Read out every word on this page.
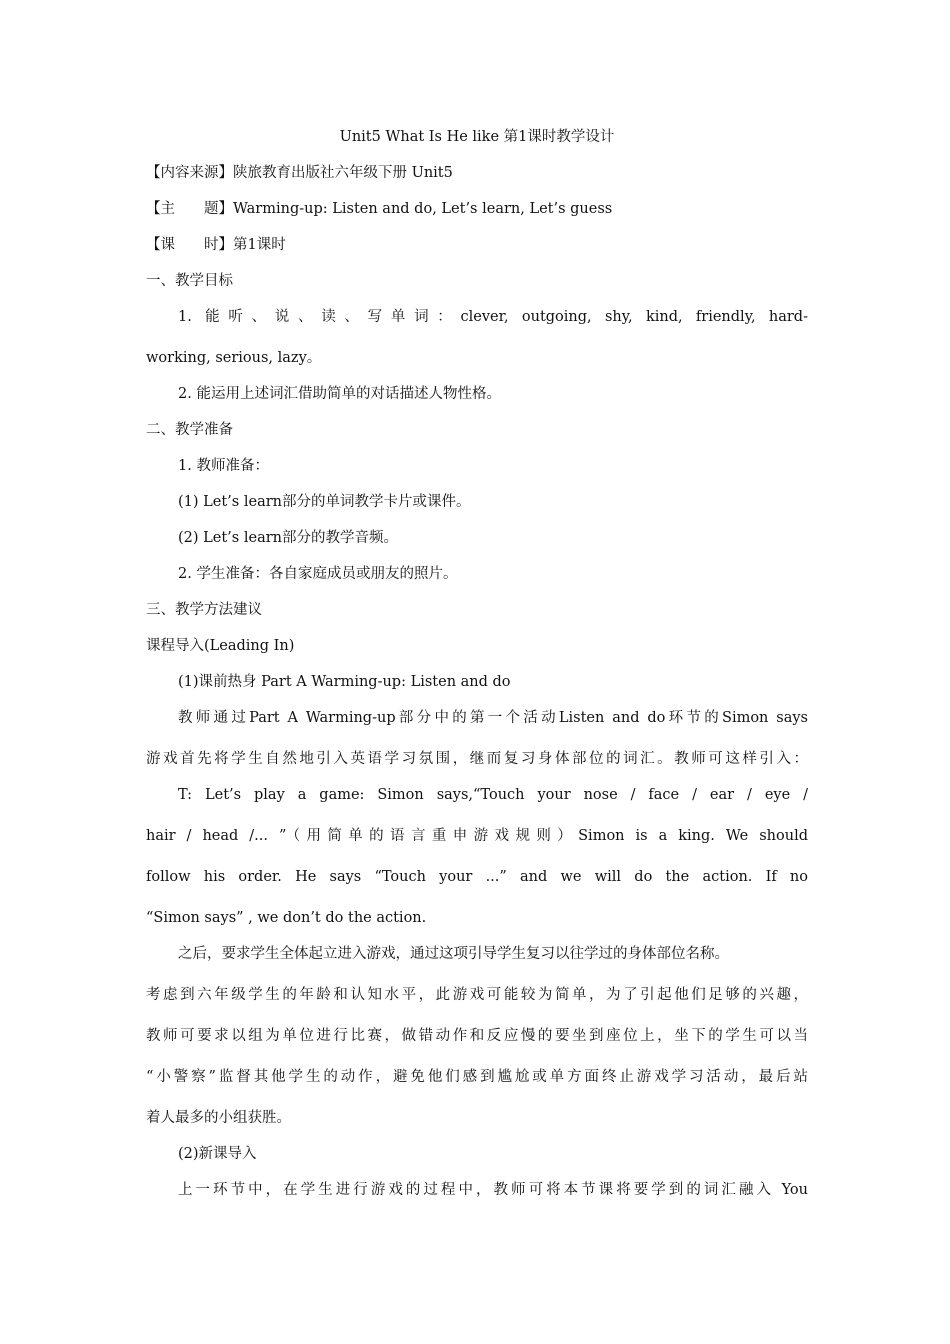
Unit5 What Is He like 第1课时教学设计
【内容来源】陕旅教育出版社六年级下册 Unit5
【主　　题】Warming-up: Listen and do, Let’s learn, Let’s guess
【课　　时】第1课时
一、教学目标
1. 能听、说、读、写单词：clever, outgoing, shy, kind, friendly, hard-
working, serious, lazy。
2. 能运用上述词汇借助简单的对话描述人物性格。
二、教学准备
1. 教师准备：
(1) Let’s learn部分的单词教学卡片或课件。
(2) Let’s learn部分的教学音频。
2. 学生准备：各自家庭成员或朋友的照片。
三、教学方法建议
课程导入(Leading In)
(1)课前热身 Part A Warming-up: Listen and do
教师通过Part A Warming-up部分中的第一个活动Listen and do环节的Simon says
游戏首先将学生自然地引入英语学习氛围，继而复习身体部位的词汇。教师可这样引入：
T: Let’s play a game: Simon says,“Touch your nose / face / ear / eye /
hair / head /... ”（用简单的语言重申游戏规则）Simon is a king. We should
follow his order. He says “Touch your ...” and we will do the action. If no
“Simon says” , we don’t do the action.
之后，要求学生全体起立进入游戏，通过这项引导学生复习以往学过的身体部位名称。
考虑到六年级学生的年龄和认知水平，此游戏可能较为简单，为了引起他们足够的兴趣，
教师可要求以组为单位进行比赛，做错动作和反应慢的要坐到座位上，坐下的学生可以当
“小警察”监督其他学生的动作，避免他们感到尴尬或单方面终止游戏学习活动，最后站
着人最多的小组获胜。
(2)新课导入
上一环节中，在学生进行游戏的过程中，教师可将本节课将要学到的词汇融入 You
